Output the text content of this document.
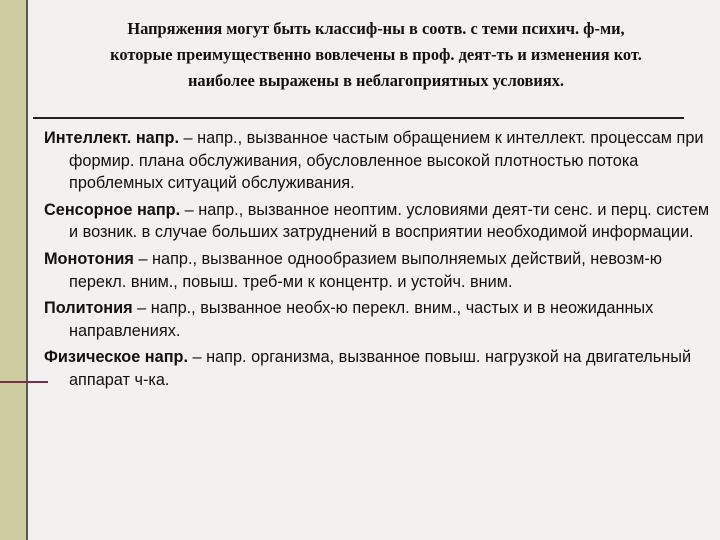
Напряжения могут быть классиф-ны в соотв. с теми психич. ф-ми,
которые преимущественно вовлечены в проф. деят-ть и изменения кот.
наиболее выражены в неблагоприятных условиях.

Интеллект. напр. – напр., вызванное частым обращением к интеллект. процессам при формир. плана обслуживания, обусловленное высокой плотностью потока проблемных ситуаций обслуживания.

Сенсорное напр. – напр., вызванное неоптим. условиями деят-ти сенс. и перц. систем и возник. в случае больших затруднений в восприятии необходимой информации.

Монотония – напр., вызванное однообразием выполняемых действий, невозм-ю перекл. вним., повыш. треб-ми к концентр. и устойч. вним.

Политония – напр., вызванное необх-ю перекл. вним., частых и в неожиданных направлениях.

Физическое напр. – напр. организма, вызванное повыш. нагрузкой на двигательный аппарат ч-ка.
